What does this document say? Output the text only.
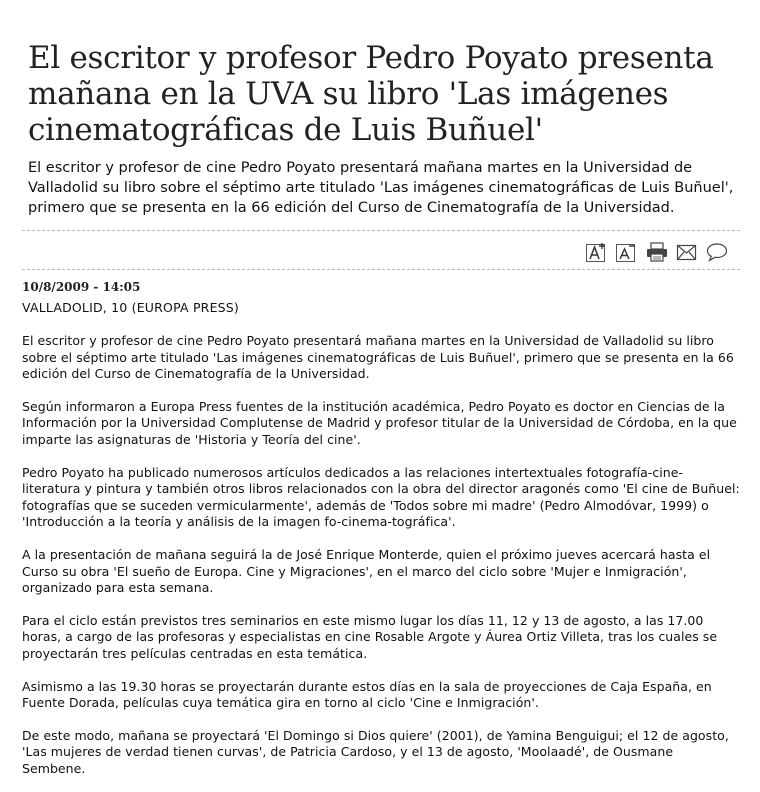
El escritor y profesor Pedro Poyato presenta mañana en la UVA su libro 'Las imágenes cinematográficas de Luis Buñuel'
El escritor y profesor de cine Pedro Poyato presentará mañana martes en la Universidad de Valladolid su libro sobre el séptimo arte titulado 'Las imágenes cinematográficas de Luis Buñuel', primero que se presenta en la 66 edición del Curso de Cinematografía de la Universidad.
10/8/2009 - 14:05
VALLADOLID, 10 (EUROPA PRESS)

El escritor y profesor de cine Pedro Poyato presentará mañana martes en la Universidad de Valladolid su libro sobre el séptimo arte titulado 'Las imágenes cinematográficas de Luis Buñuel', primero que se presenta en la 66 edición del Curso de Cinematografía de la Universidad.

Según informaron a Europa Press fuentes de la institución académica, Pedro Poyato es doctor en Ciencias de la Información por la Universidad Complutense de Madrid y profesor titular de la Universidad de Córdoba, en la que imparte las asignaturas de 'Historia y Teoría del cine'.

Pedro Poyato ha publicado numerosos artículos dedicados a las relaciones intertextuales fotografía-cine-literatura y pintura y también otros libros relacionados con la obra del director aragonés como 'El cine de Buñuel: fotografías que se suceden vermicularmente', además de 'Todos sobre mi madre' (Pedro Almodóvar, 1999) o 'Introducción a la teoría y análisis de la imagen fo-cinema-tográfica'.

A la presentación de mañana seguirá la de José Enrique Monterde, quien el próximo jueves acercará hasta el Curso su obra 'El sueño de Europa. Cine y Migraciones', en el marco del ciclo sobre 'Mujer e Inmigración', organizado para esta semana.

Para el ciclo están previstos tres seminarios en este mismo lugar los días 11, 12 y 13 de agosto, a las 17.00 horas, a cargo de las profesoras y especialistas en cine Rosable Argote y Áurea Ortiz Villeta, tras los cuales se proyectarán tres películas centradas en esta temática.

Asimismo a las 19.30 horas se proyectarán durante estos días en la sala de proyecciones de Caja España, en Fuente Dorada, películas cuya temática gira en torno al ciclo 'Cine e Inmigración'.

De este modo, mañana se proyectará 'El Domingo si Dios quiere' (2001), de Yamina Benguigui; el 12 de agosto, 'Las mujeres de verdad tienen curvas', de Patricia Cardoso, y el 13 de agosto, 'Moolaadé', de Ousmane Sembene.
